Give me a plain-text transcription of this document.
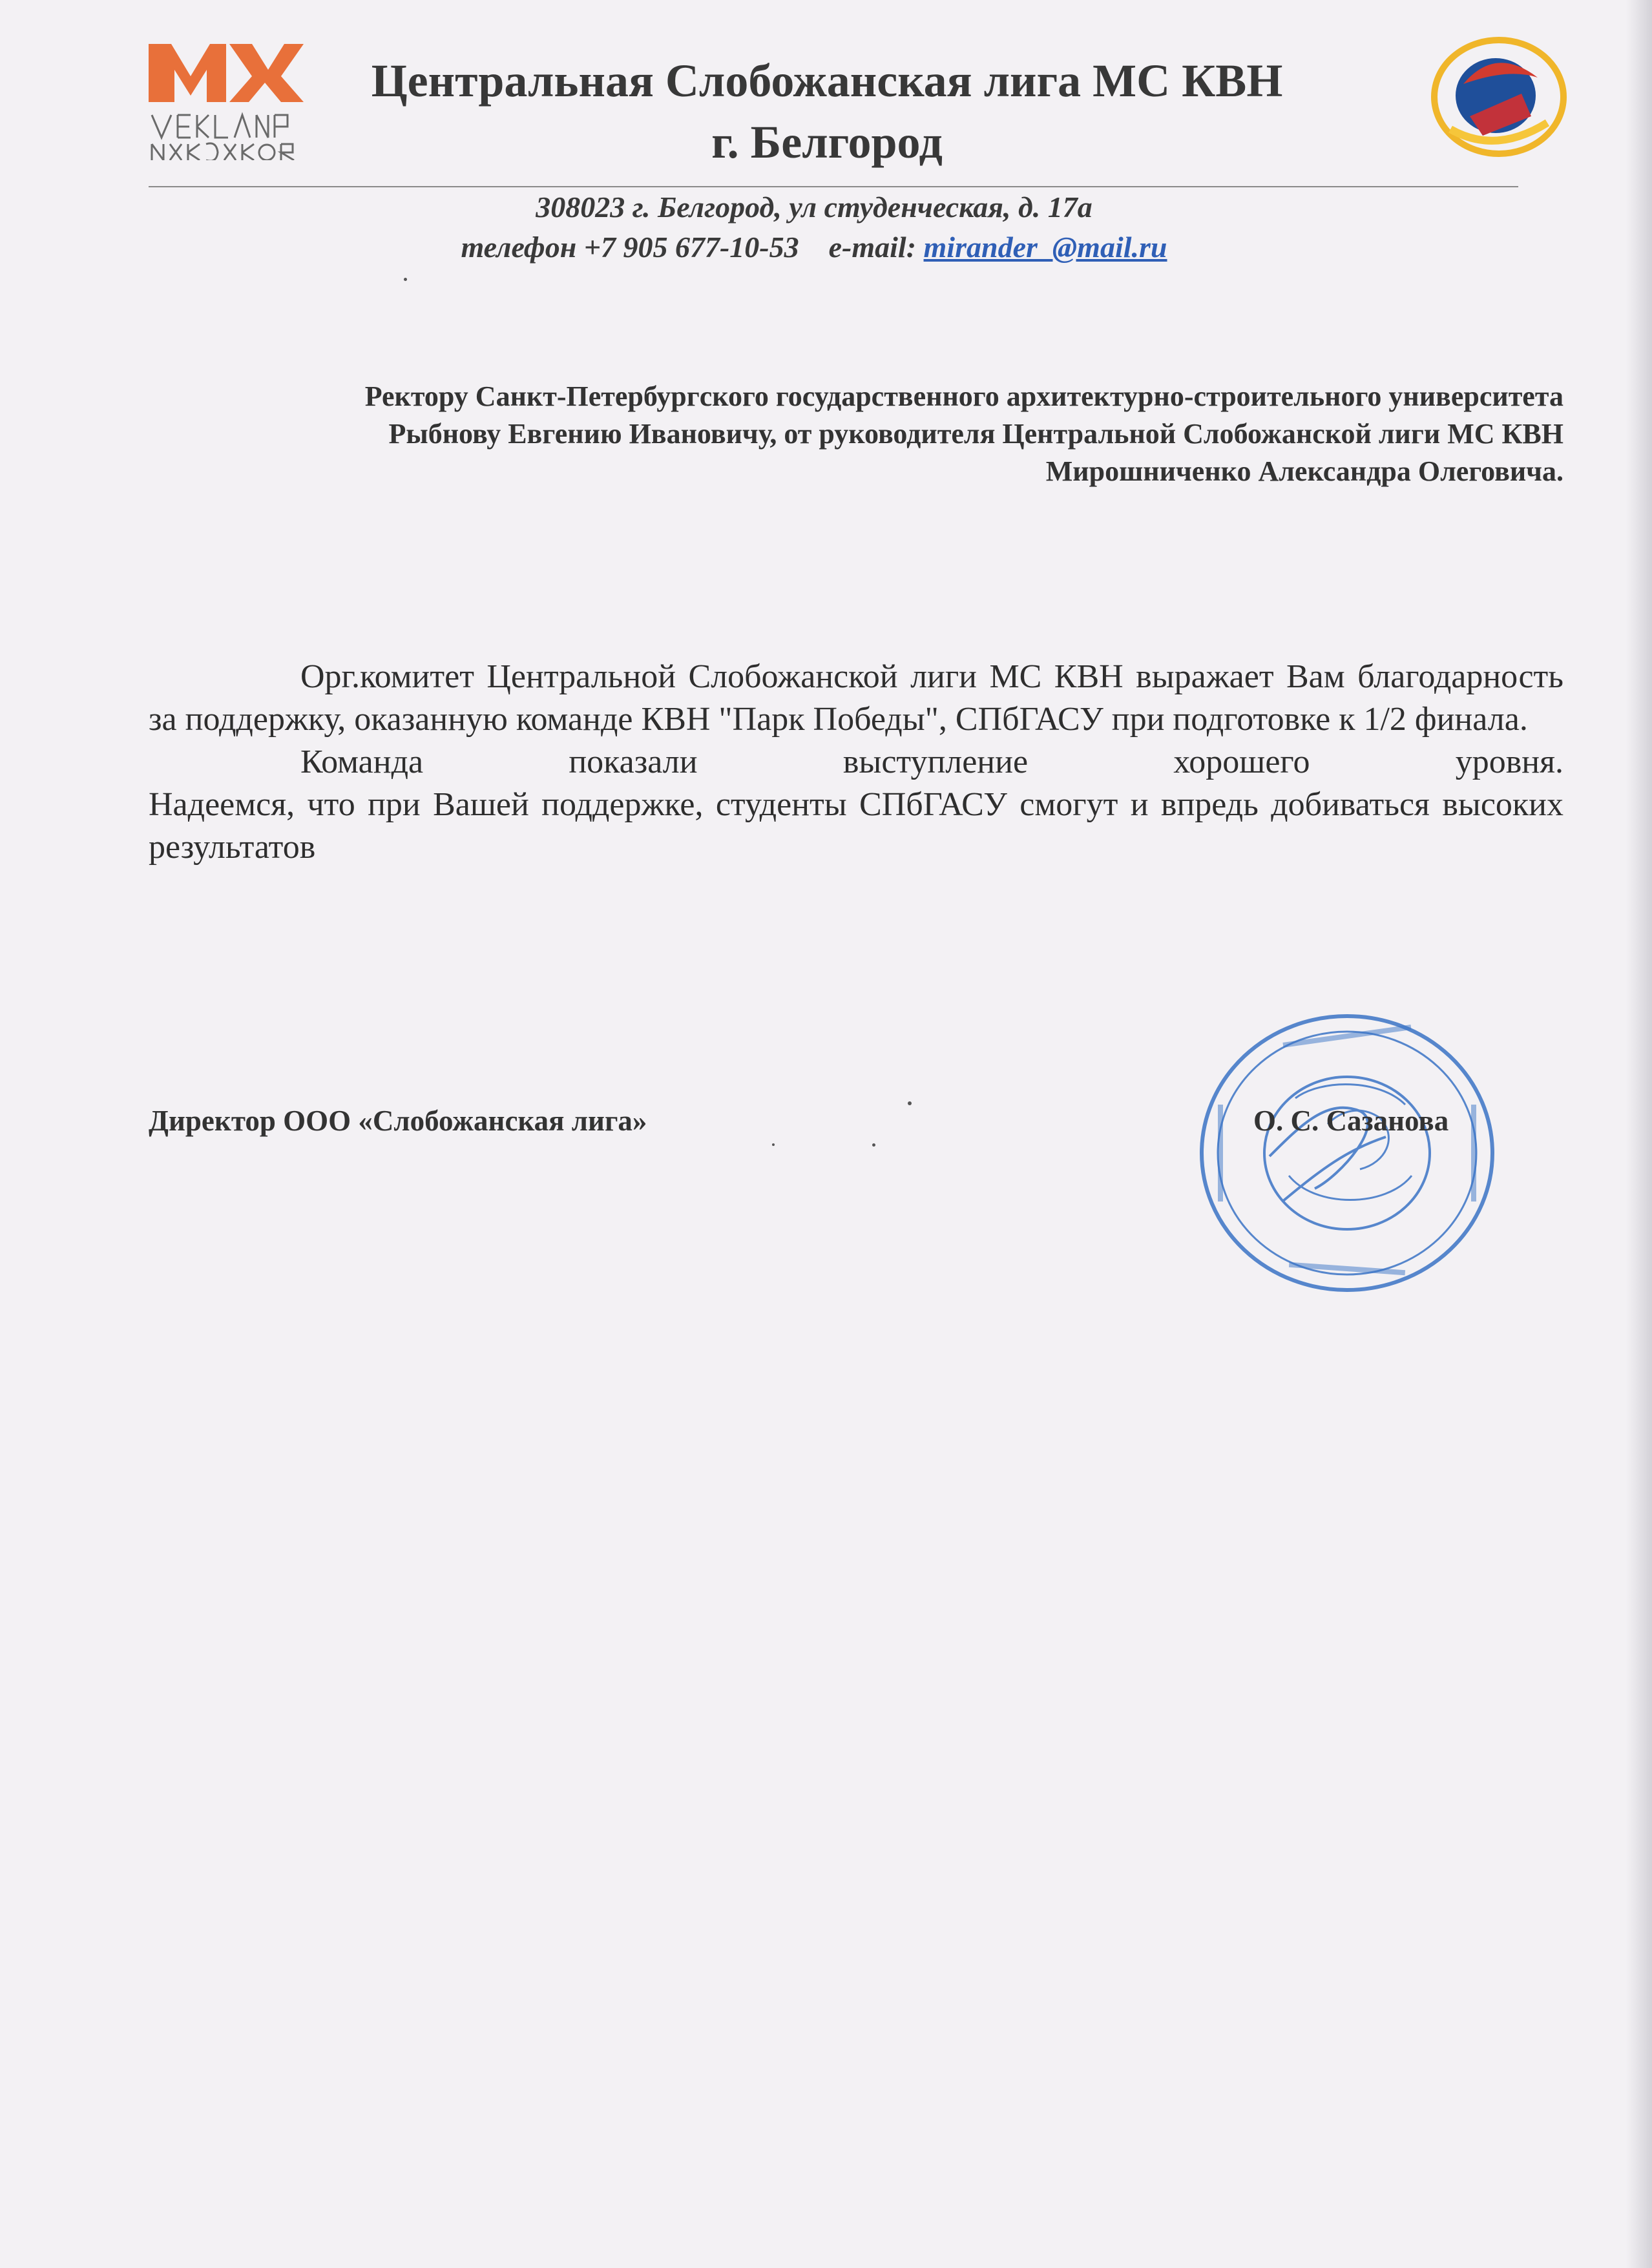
Центральная Слобожанская лига МС КВН
г. Белгород
308023 г. Белгород, ул студенческая, д. 17а
телефон +7 905 677-10-53 e-mail: mirander_@mail.ru
Ректору Санкт-Петербургского государственного архитектурно-строительного университета
Рыбнову Евгению Ивановичу, от руководителя Центральной Слобожанской лиги МС КВН
Мирошниченко Александра Олеговича.

Орг.комитет Центральной Слобожанской лиги МС КВН выражает Вам благодарность за поддержку, оказанную команде КВН "Парк Победы", СПбГАСУ при подготовке к 1/2 финала.

Команда	показали	выступление	хорошего	уровня.

Надеемся, что при Вашей поддержке, студенты СПбГАСУ смогут и впредь добиваться высоких результатов

Директор ООО «Слобожанская лига»	О. С. Сазанова
